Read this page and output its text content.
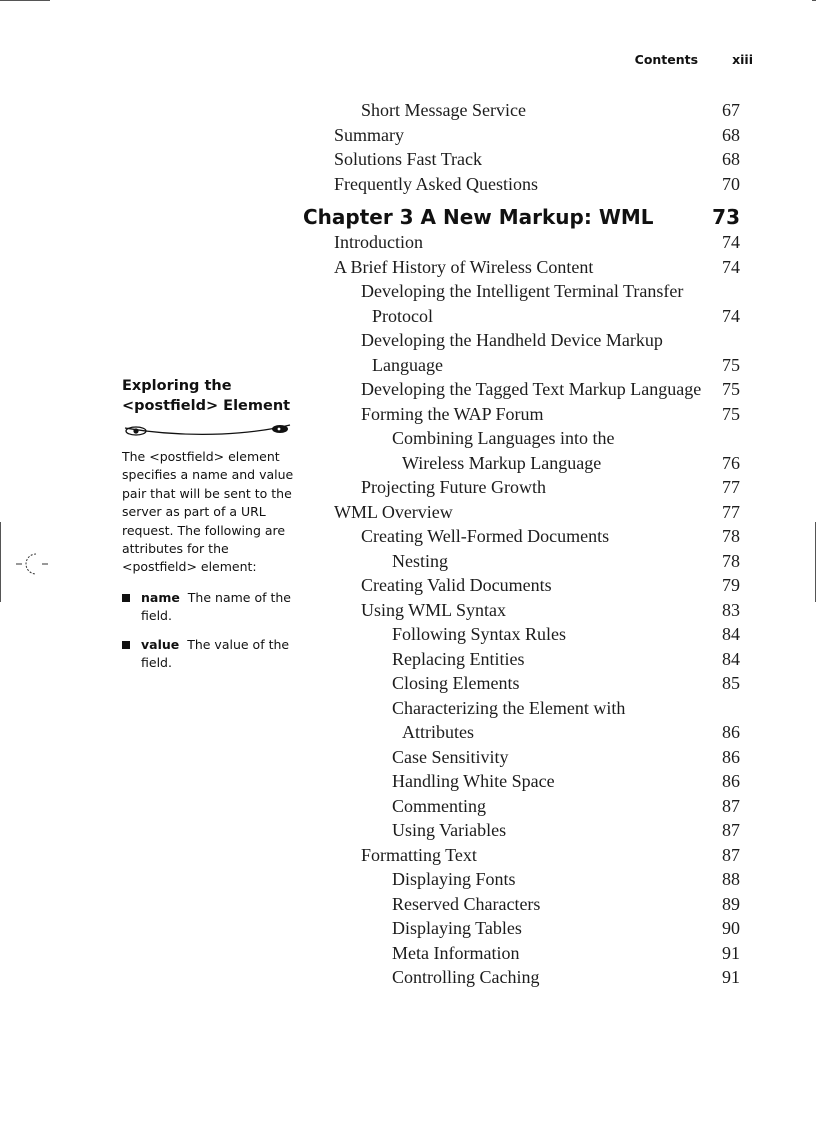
Contents	xiii

Exploring the
<postfield> Element

The <postfield> element specifies a name and value pair that will be sent to the server as part of a URL request. The following are attributes for the <postfield> element:

name The name of the field.
value The value of the field.
Short Message Service	67
Summary	68
Solutions Fast Track	68
Frequently Asked Questions	70
Chapter 3 A New Markup: WML	73
Introduction	74
A Brief History of Wireless Content	74
Developing the Intelligent Terminal Transfer
Protocol	74
Developing the Handheld Device Markup
Language	75
Developing the Tagged Text Markup Language	75
Forming the WAP Forum	75
Combining Languages into the
Wireless Markup Language	76
Projecting Future Growth	77
WML Overview	77
Creating Well-Formed Documents	78
Nesting	78
Creating Valid Documents	79
Using WML Syntax	83
Following Syntax Rules	84
Replacing Entities	84
Closing Elements	85
Characterizing the Element with
Attributes	86
Case Sensitivity	86
Handling White Space	86
Commenting	87
Using Variables	87
Formatting Text	87
Displaying Fonts	88
Reserved Characters	89
Displaying Tables	90
Meta Information	91
Controlling Caching	91
